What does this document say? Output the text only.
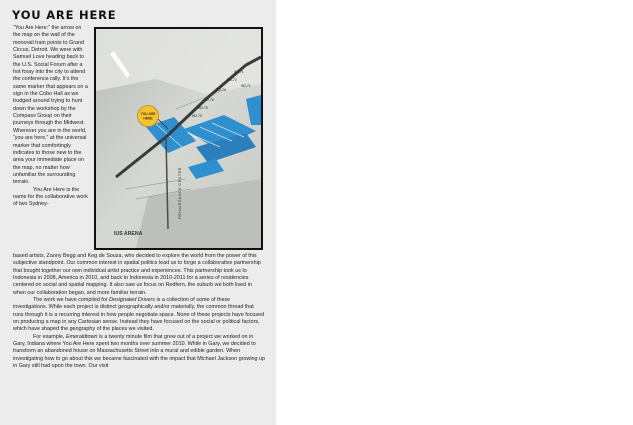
YOU ARE HERE

“You Are Here:” the arrow on the map on the wall of the monorail train points to Grand Circus, Detroit. We were with Samuel Love heading back to the U.S. Social Forum after a hot foray into the city to attend the conference rally. It’s the same marker that appears on a sign in the Cobo Hall as we trudged around trying to hunt down the workshop by the Compass Group on their journeys through the Midwest. Wherever you are in the world, “you are here,” at the universal marker that comfortingly indicates to those new to the area your immediate place on the map, no matter how unfamiliar the surrounding terrain.

You Are Here is the name for the collaborative work of two Sydney-

W3-71
W4-72
W3-71
W2-74
W2-76
W2-75
W2-70
RENAISSANCE CENTER
IUS ARENA
YOU ARE
HERE

based artists, Zanny Begg and Keg de Souza, who decided to explore the world from the power of this subjective standpoint. Our common interest in spatial politics lead us to forge a collaborative partnership that bought together our own individual artist practice and experiences. This partnership took us to Indonesia in 2008, America in 2010, and back to Indonesia in 2010-2011 for a series of residencies centered on social and spatial mapping. It also saw us focus on Redfern, the suburb we both lived in when our collaboration began, and more familiar terrain.

The work we have compiled for Designated Drivers is a collection of some of these investigations. While each project is distinct geographically and/or materially, the common thread that runs through it is a recurring interest in how people negotiate space. None of these projects have focused on producing a map in any Cartesian sense. Instead they have focused on the social or political factors, which have shaped the geography of the places we visited.

For example, Emeraldtown is a twenty minute film that grew out of a project we worked on in Gary, Indiana where You Are Here spent two months over summer 2010. While in Gary, we decided to transform an abandoned house on Massachusetts Street into a mural and edible garden. When investigating how to go about this we became fascinated with the impact that Michael Jackson growing up in Gary still had upon the town. Our visit
